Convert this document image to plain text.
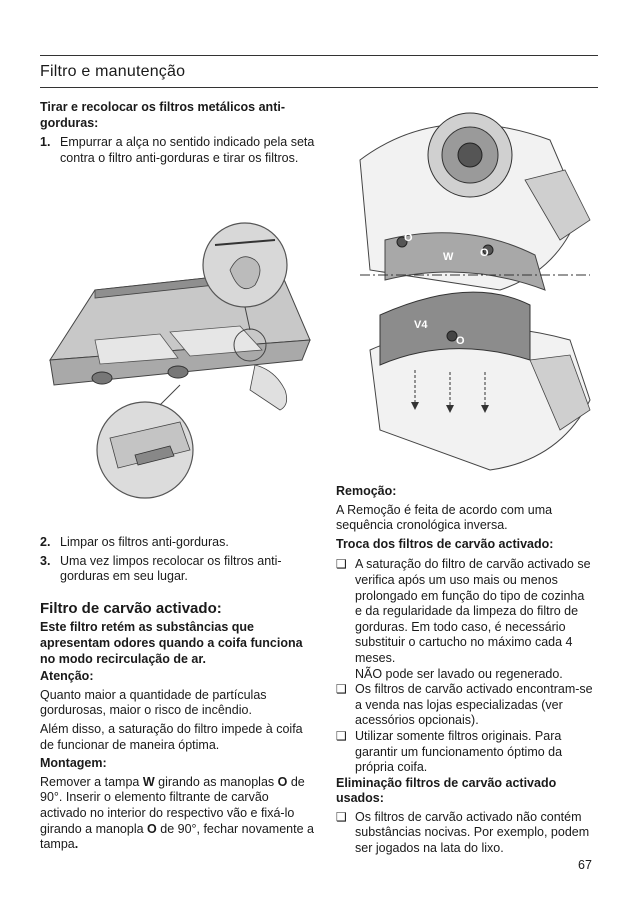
Filtro e manutenção

Tirar e recolocar os filtros metálicos anti-gorduras:

1. Empurrar a alça no sentido indicado pela seta contra o filtro anti-gorduras e tirar os filtros.
O
W O
V4
O

Remoção:

A Remoção é feita de acordo com uma sequência cronológica inversa.

Troca dos filtros de carvão activado:

❑ A saturação do filtro de carvão activado se verifica após um uso mais ou menos prolongado em função do tipo de cozinha e da regularidade da limpeza do filtro de gorduras. Em todo caso, é necessário substituir o cartucho no máximo cada 4 meses.

NÃO pode ser lavado ou regenerado.

❑ Os filtros de carvão activado encontram-se a venda nas lojas especializadas (ver acessórios opcionais).
❑ Utilizar somente filtros originais. Para garantir um funcionamento óptimo da própria coifa.

Eliminação filtros de carvão activado usados:

❑ Os filtros de carvão activado não contém substâncias nocivas. Por exemplo, podem ser jogados na lata do lixo.
2. Limpar os filtros anti-gorduras.
3. Uma vez limpos recolocar os filtros anti-gorduras em seu lugar.

Filtro de carvão activado:

Este filtro retém as substâncias que apresentam odores quando a coifa funciona no modo recirculação de ar.

Atenção:

Quanto maior a quantidade de partículas gordurosas, maior o risco de incêndio.

Além disso, a saturação do filtro impede à coifa de funcionar de maneira óptima.

Montagem:

Remover a tampa W girando as manoplas O de 90°. Inserir o elemento filtrante de carvão activado no interior do respectivo vão e fixá-lo girando a manopla O de 90°, fechar novamente a tampa.

67
